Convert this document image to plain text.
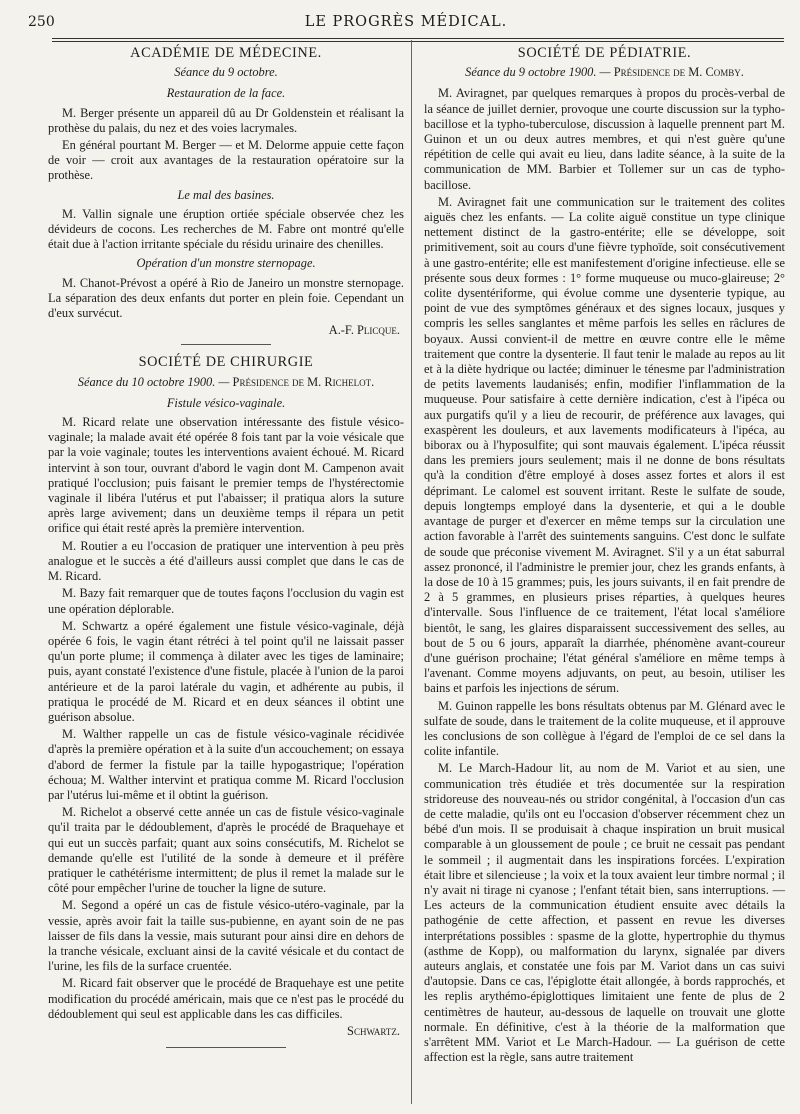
250	LE PROGRÈS MÉDICAL.
ACADÉMIE DE MÉDECINE.
Séance du 9 octobre.
Restauration de la face.

M. Berger présente un appareil dû au Dr Goldenstein et réalisant la prothèse du palais, du nez et des voies lacrymales.

En général pourtant M. Berger — et M. Delorme appuie cette façon de voir — croit aux avantages de la restauration opératoire sur la prothèse.

Le mal des basines.

M. Vallin signale une éruption ortiée spéciale observée chez les dévideurs de cocons. Les recherches de M. Fabre ont montré qu'elle était due à l'action irritante spéciale du résidu urinaire des chenilles.

Opération d'un monstre sternopage.

M. Chanot-Prévost a opéré à Rio de Janeiro un monstre sternopage. La séparation des deux enfants dut porter en plein foie. Cependant un d'eux survécut.

A.-F. Plicque.
SOCIÉTÉ DE CHIRURGIE
Séance du 10 octobre 1900. — Présidence de M. Richelot.
Fistule vésico-vaginale.

M. Ricard relate une observation intéressante des fistule vésico-vaginale; la malade avait été opérée 8 fois tant par la voie vésicale que par la voie vaginale; toutes les interventions avaient échoué. M. Ricard intervint à son tour, ouvrant d'abord le vagin dont M. Campenon avait pratiqué l'occlusion; puis faisant le premier temps de l'hystérectomie vaginale il libéra l'utérus et put l'abaisser; il pratiqua alors la suture après large avivement; dans un deuxième temps il répara un petit orifice qui était resté après la première intervention.

M. Routier a eu l'occasion de pratiquer une intervention à peu près analogue et le succès a été d'ailleurs aussi complet que dans le cas de M. Ricard.

M. Bazy fait remarquer que de toutes façons l'occlusion du vagin est une opération déplorable.

M. Schwartz a opéré également une fistule vésico-vaginale, déjà opérée 6 fois, le vagin étant rétréci à tel point qu'il ne laissait passer qu'un porte plume; il commença à dilater avec les tiges de laminaire; puis, ayant constaté l'existence d'une fistule, placée à l'union de la paroi antérieure et de la paroi latérale du vagin, et adhérente au pubis, il pratiqua le procédé de M. Ricard et en deux séances il obtint une guérison absolue.

M. Walther rappelle un cas de fistule vésico-vaginale récidivée d'après la première opération et à la suite d'un accouchement; on essaya d'abord de fermer la fistule par la taille hypogastrique; l'opération échoua; M. Walther intervint et pratiqua comme M. Ricard l'occlusion par l'utérus lui-même et il obtint la guérison.

M. Richelot a observé cette année un cas de fistule vésico-vaginale qu'il traita par le dédoublement, d'après le procédé de Braquehaye et qui eut un succès parfait; quant aux soins consécutifs, M. Richelot se demande qu'elle est l'utilité de la sonde à demeure et il préfère pratiquer le cathétérisme intermittent; de plus il remet la malade sur le côté pour empêcher l'urine de toucher la ligne de suture.

M. Segond a opéré un cas de fistule vésico-utéro-vaginale, par la vessie, après avoir fait la taille sus-pubienne, en ayant soin de ne pas laisser de fils dans la vessie, mais suturant pour ainsi dire en dehors de la tranche vésicale, excluant ainsi de la cavité vésicale et du contact de l'urine, les fils de la surface cruentée.

M. Ricard fait observer que le procédé de Braquehaye est une petite modification du procédé américain, mais que ce n'est pas le procédé du dédoublement qui seul est applicable dans les cas difficiles.

Schwartz.
SOCIÉTÉ DE PÉDIATRIE.
Séance du 9 octobre 1900. — Présidence de M. Comby.

M. Aviragnet, par quelques remarques à propos du procès-verbal de la séance de juillet dernier, provoque une courte discussion sur la typho-bacillose et la typho-tuberculose, discussion à laquelle prennent part M. Guinon et un ou deux autres membres, et qui n'est guère qu'une répétition de celle qui avait eu lieu, dans ladite séance, à la suite de la communication de MM. Barbier et Tollemer sur un cas de typho-bacillose.

M. Aviragnet fait une communication sur le traitement des colites aiguës chez les enfants. — La colite aiguë constitue un type clinique nettement distinct de la gastro-entérite; elle se développe, soit primitivement, soit au cours d'une fièvre typhoïde, soit consécutivement à une gastro-entérite; elle est manifestement d'origine infectieuse. elle se présente sous deux formes : 1° forme muqueuse ou muco-glaireuse; 2° colite dysentériforme, qui évolue comme une dysenterie typique, au point de vue des symptômes généraux et des signes locaux, jusques y compris les selles sanglantes et même parfois les selles en râclures de boyaux. Aussi convient-il de mettre en œuvre contre elle le même traitement que contre la dysenterie. Il faut tenir le malade au repos au lit et à la diète hydrique ou lactée; diminuer le ténesme par l'administration de petits lavements laudanisés; enfin, modifier l'inflammation de la muqueuse. Pour satisfaire à cette dernière indication, c'est à l'ipéca ou aux purgatifs qu'il y a lieu de recourir, de préférence aux lavages, qui exaspèrent les douleurs, et aux lavements modificateurs à l'ipéca, au biborax ou à l'hyposulfite; qui sont mauvais également. L'ipéca réussit dans les premiers jours seulement; mais il ne donne de bons résultats qu'à la condition d'être employé à doses assez fortes et alors il est déprimant. Le calomel est souvent irritant. Reste le sulfate de soude, depuis longtemps employé dans la dysenterie, et qui a le double avantage de purger et d'exercer en même temps sur la circulation une action favorable à l'arrêt des suintements sanguins. C'est donc le sulfate de soude que préconise vivement M. Aviragnet. S'il y a un état saburral assez prononcé, il l'administre le premier jour, chez les grands enfants, à la dose de 10 à 15 grammes; puis, les jours suivants, il en fait prendre de 2 à 5 grammes, en plusieurs prises réparties, à quelques heures d'intervalle. Sous l'influence de ce traitement, l'état local s'améliore bientôt, le sang, les glaires disparaissent successivement des selles, au bout de 5 ou 6 jours, apparaît la diarrhée, phénomène avant-coureur d'une guérison prochaine; l'état général s'améliore en même temps à l'avenant. Comme moyens adjuvants, on peut, au besoin, utiliser les bains et parfois les injections de sérum.

M. Guinon rappelle les bons résultats obtenus par M. Glénard avec le sulfate de soude, dans le traitement de la colite muqueuse, et il approuve les conclusions de son collègue à l'égard de l'emploi de ce sel dans la colite infantile.

M. Le March-Hadour lit, au nom de M. Variot et au sien, une communication très étudiée et très documentée sur la respiration stridoreuse des nouveau-nés ou stridor congénital, à l'occasion d'un cas de cette maladie, qu'ils ont eu l'occasion d'observer récemment chez un bébé d'un mois. Il se produisait à chaque inspiration un bruit musical comparable à un gloussement de poule ; ce bruit ne cessait pas pendant le sommeil ; il augmentait dans les inspirations forcées. L'expiration était libre et silencieuse ; la voix et la toux avaient leur timbre normal ; il n'y avait ni tirage ni cyanose ; l'enfant tétait bien, sans interruptions. — Les acteurs de la communication étudient ensuite avec détails la pathogénie de cette affection, et passent en revue les diverses interprétations possibles : spasme de la glotte, hypertrophie du thymus (asthme de Kopp), ou malformation du larynx, signalée par divers auteurs anglais, et constatée une fois par M. Variot dans un cas suivi d'autopsie. Dans ce cas, l'épiglotte était allongée, à bords rapprochés, et les replis arythémo-épiglottiques limitaient une fente de plus de 2 centimètres de hauteur, au-dessous de laquelle on trouvait une glotte normale. En définitive, c'est à la théorie de la malformation que s'arrêtent MM. Variot et Le March-Hadour. — La guérison de cette affection est la règle, sans autre traitement
